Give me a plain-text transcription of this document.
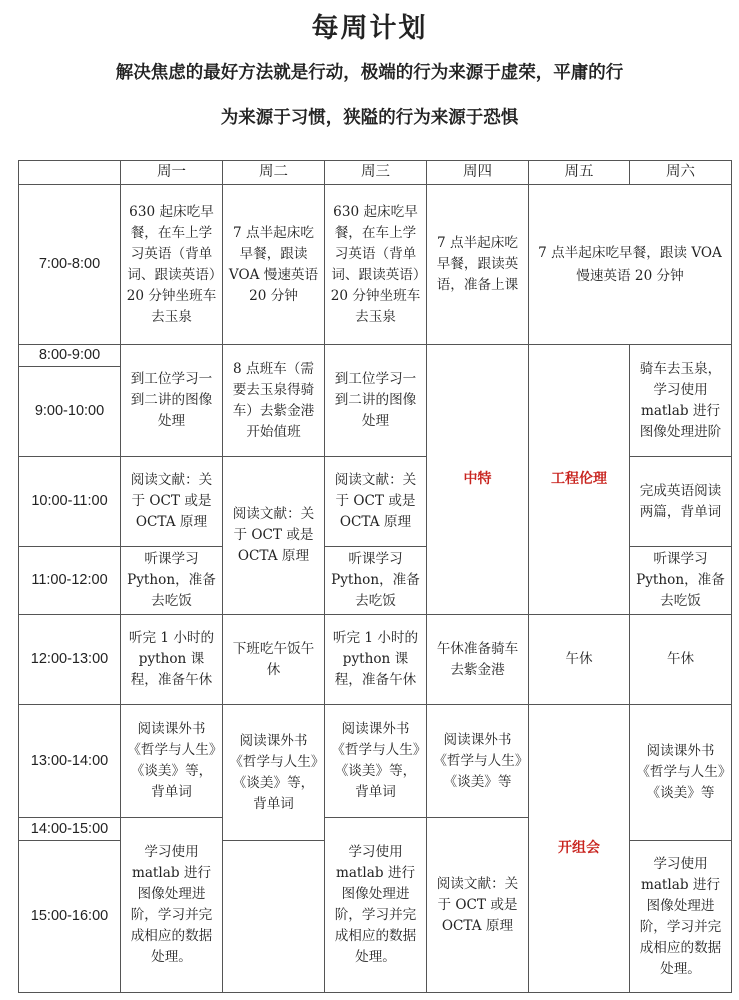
每周计划
解决焦虑的最好方法就是行动，极端的行为来源于虚荣，平庸的行
为来源于习惯，狭隘的行为来源于恐惧
	周一	周二	周三	周四	周五	周六
7:00-8:00	630 起床吃早餐，在车上学习英语（背单词、跟读英语）20 分钟坐班车去玉泉	7 点半起床吃早餐，跟读 VOA 慢速英语 20 分钟	630 起床吃早餐，在车上学习英语（背单词、跟读英语）20 分钟坐班车去玉泉	7 点半起床吃早餐，跟读英语，准备上课	7 点半起床吃早餐，跟读 VOA 慢速英语 20 分钟	
8:00-9:00	到工位学习一到二讲的图像处理	8 点班车（需要去玉泉得骑车）去紫金港开始值班	到工位学习一到二讲的图像处理	中特	工程伦理	骑车去玉泉，学习使用 matlab 进行图像处理进阶
9:00-10:00						
10:00-11:00	阅读文献：关于 OCT 或是 OCTA 原理	阅读文献：关于 OCT 或是 OCTA 原理	阅读文献：关于 OCT 或是 OCTA 原理			完成英语阅读两篇，背单词
11:00-12:00	听课学习 Python，准备去吃饭		听课学习 Python，准备去吃饭			听课学习 Python，准备去吃饭
12:00-13:00	听完 1 小时的 python 课程，准备午休	下班吃午饭午休	听完 1 小时的 python 课程，准备午休	午休准备骑车去紫金港	午休	午休
13:00-14:00	阅读课外书《哲学与人生》《谈美》等，背单词	阅读课外书《哲学与人生》《谈美》等，背单词	阅读课外书《哲学与人生》《谈美》等，背单词	阅读课外书《哲学与人生》《谈美》等	开组会	阅读课外书《哲学与人生》《谈美》等
14:00-15:00	学习使用 matlab 进行图像处理进阶，学习并完成相应的数据处理。		学习使用 matlab 进行图像处理进阶，学习并完成相应的数据处理。	阅读文献：关于 OCT 或是 OCTA 原理		
15:00-16:00						学习使用 matlab 进行图像处理进阶，学习并完成相应的数据处理。
